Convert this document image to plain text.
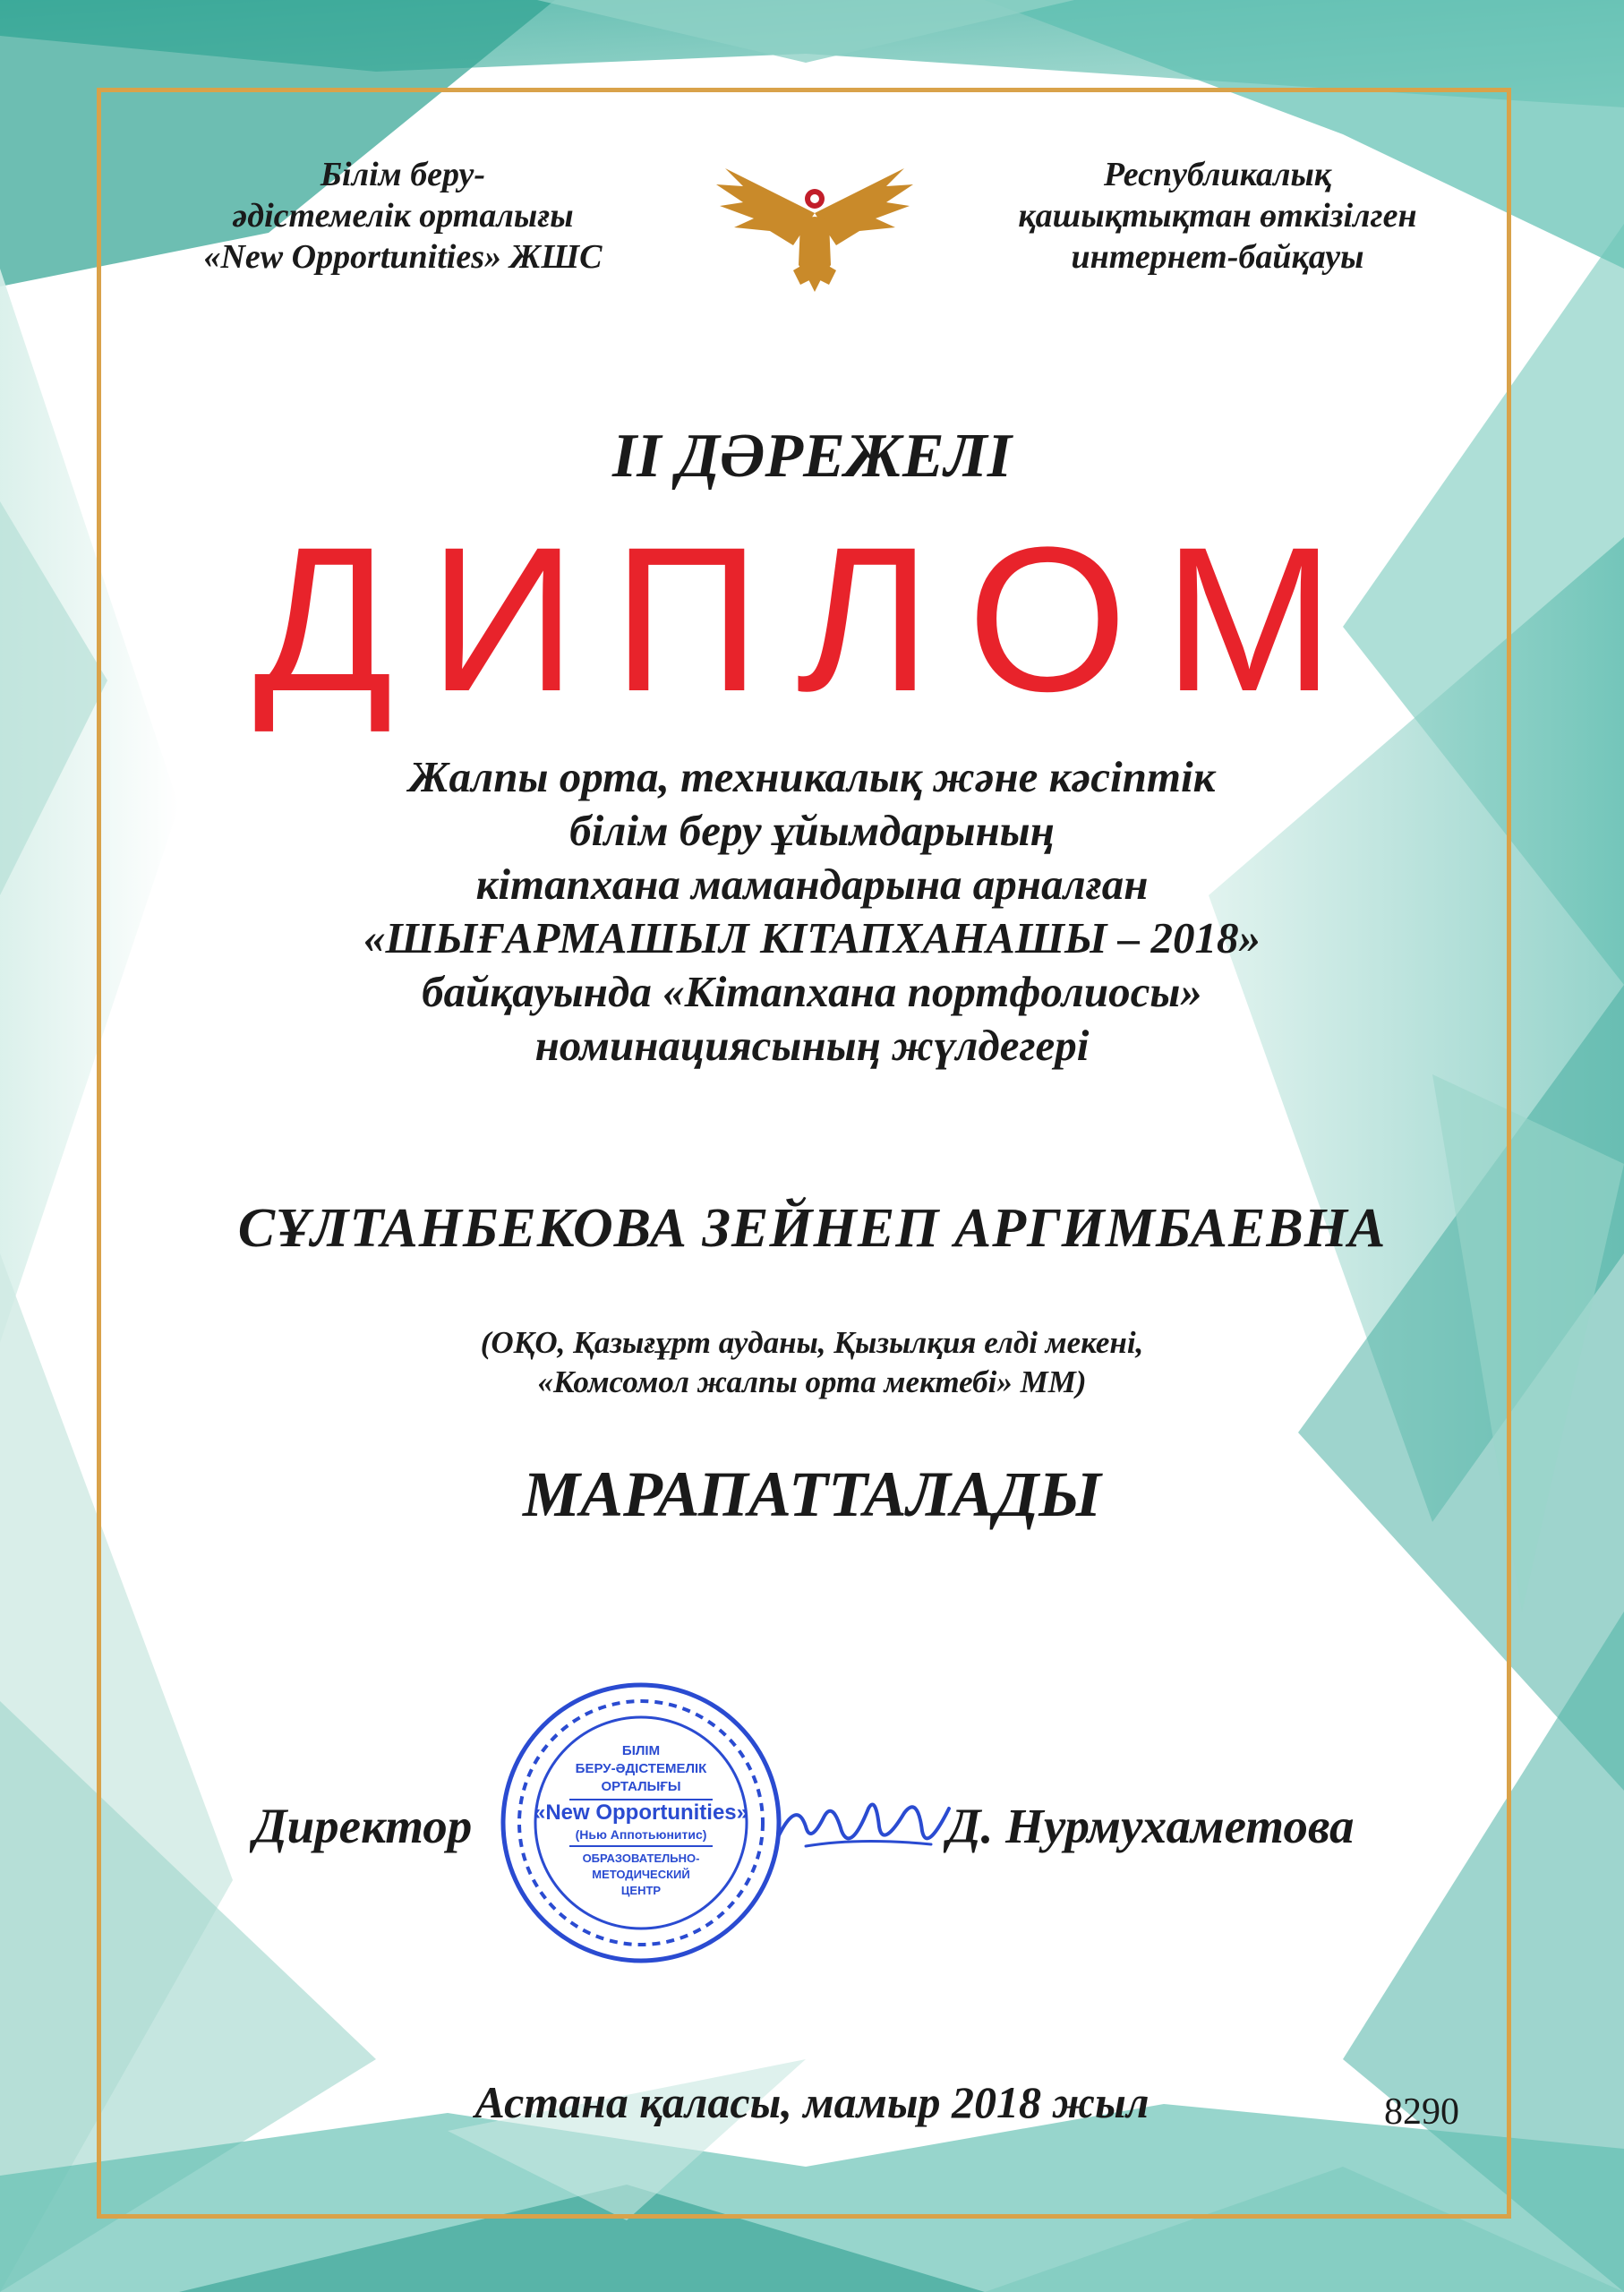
Білім беру-
әдістемелік орталығы
«New Opportunities» ЖШС
Республикалық
қашықтықтан өткізілген
интернет-байқауы
II ДӘРЕЖЕЛІ
ДИПЛОМ
Жалпы орта, техникалық және кәсіптік
білім беру ұйымдарының
кітапхана мамандарына арналған
«ШЫҒАРМАШЫЛ КІТАПХАНАШЫ – 2018»
байқауында «Кітапхана портфолиосы»
номинациясының жүлдегері
СҰЛТАНБЕКОВА ЗЕЙНЕП АРГИМБАЕВНА
(ОҚО, Қазығұрт ауданы, Қызылқия елді мекені,
«Комсомол жалпы орта мектебі» ММ)
МАРАПАТТАЛАДЫ
Директор
БІЛІМ
БЕРУ-ӘДІСТЕМЕЛІК
ОРТАЛЫҒЫ
«New Opportunities»
(Нью Аппотьюнитис)
ОБРАЗОВАТЕЛЬНО-
МЕТОДИЧЕСКИЙ
ЦЕНТР
Д. Нурмухаметова
Астана қаласы, мамыр 2018 жыл	8290
